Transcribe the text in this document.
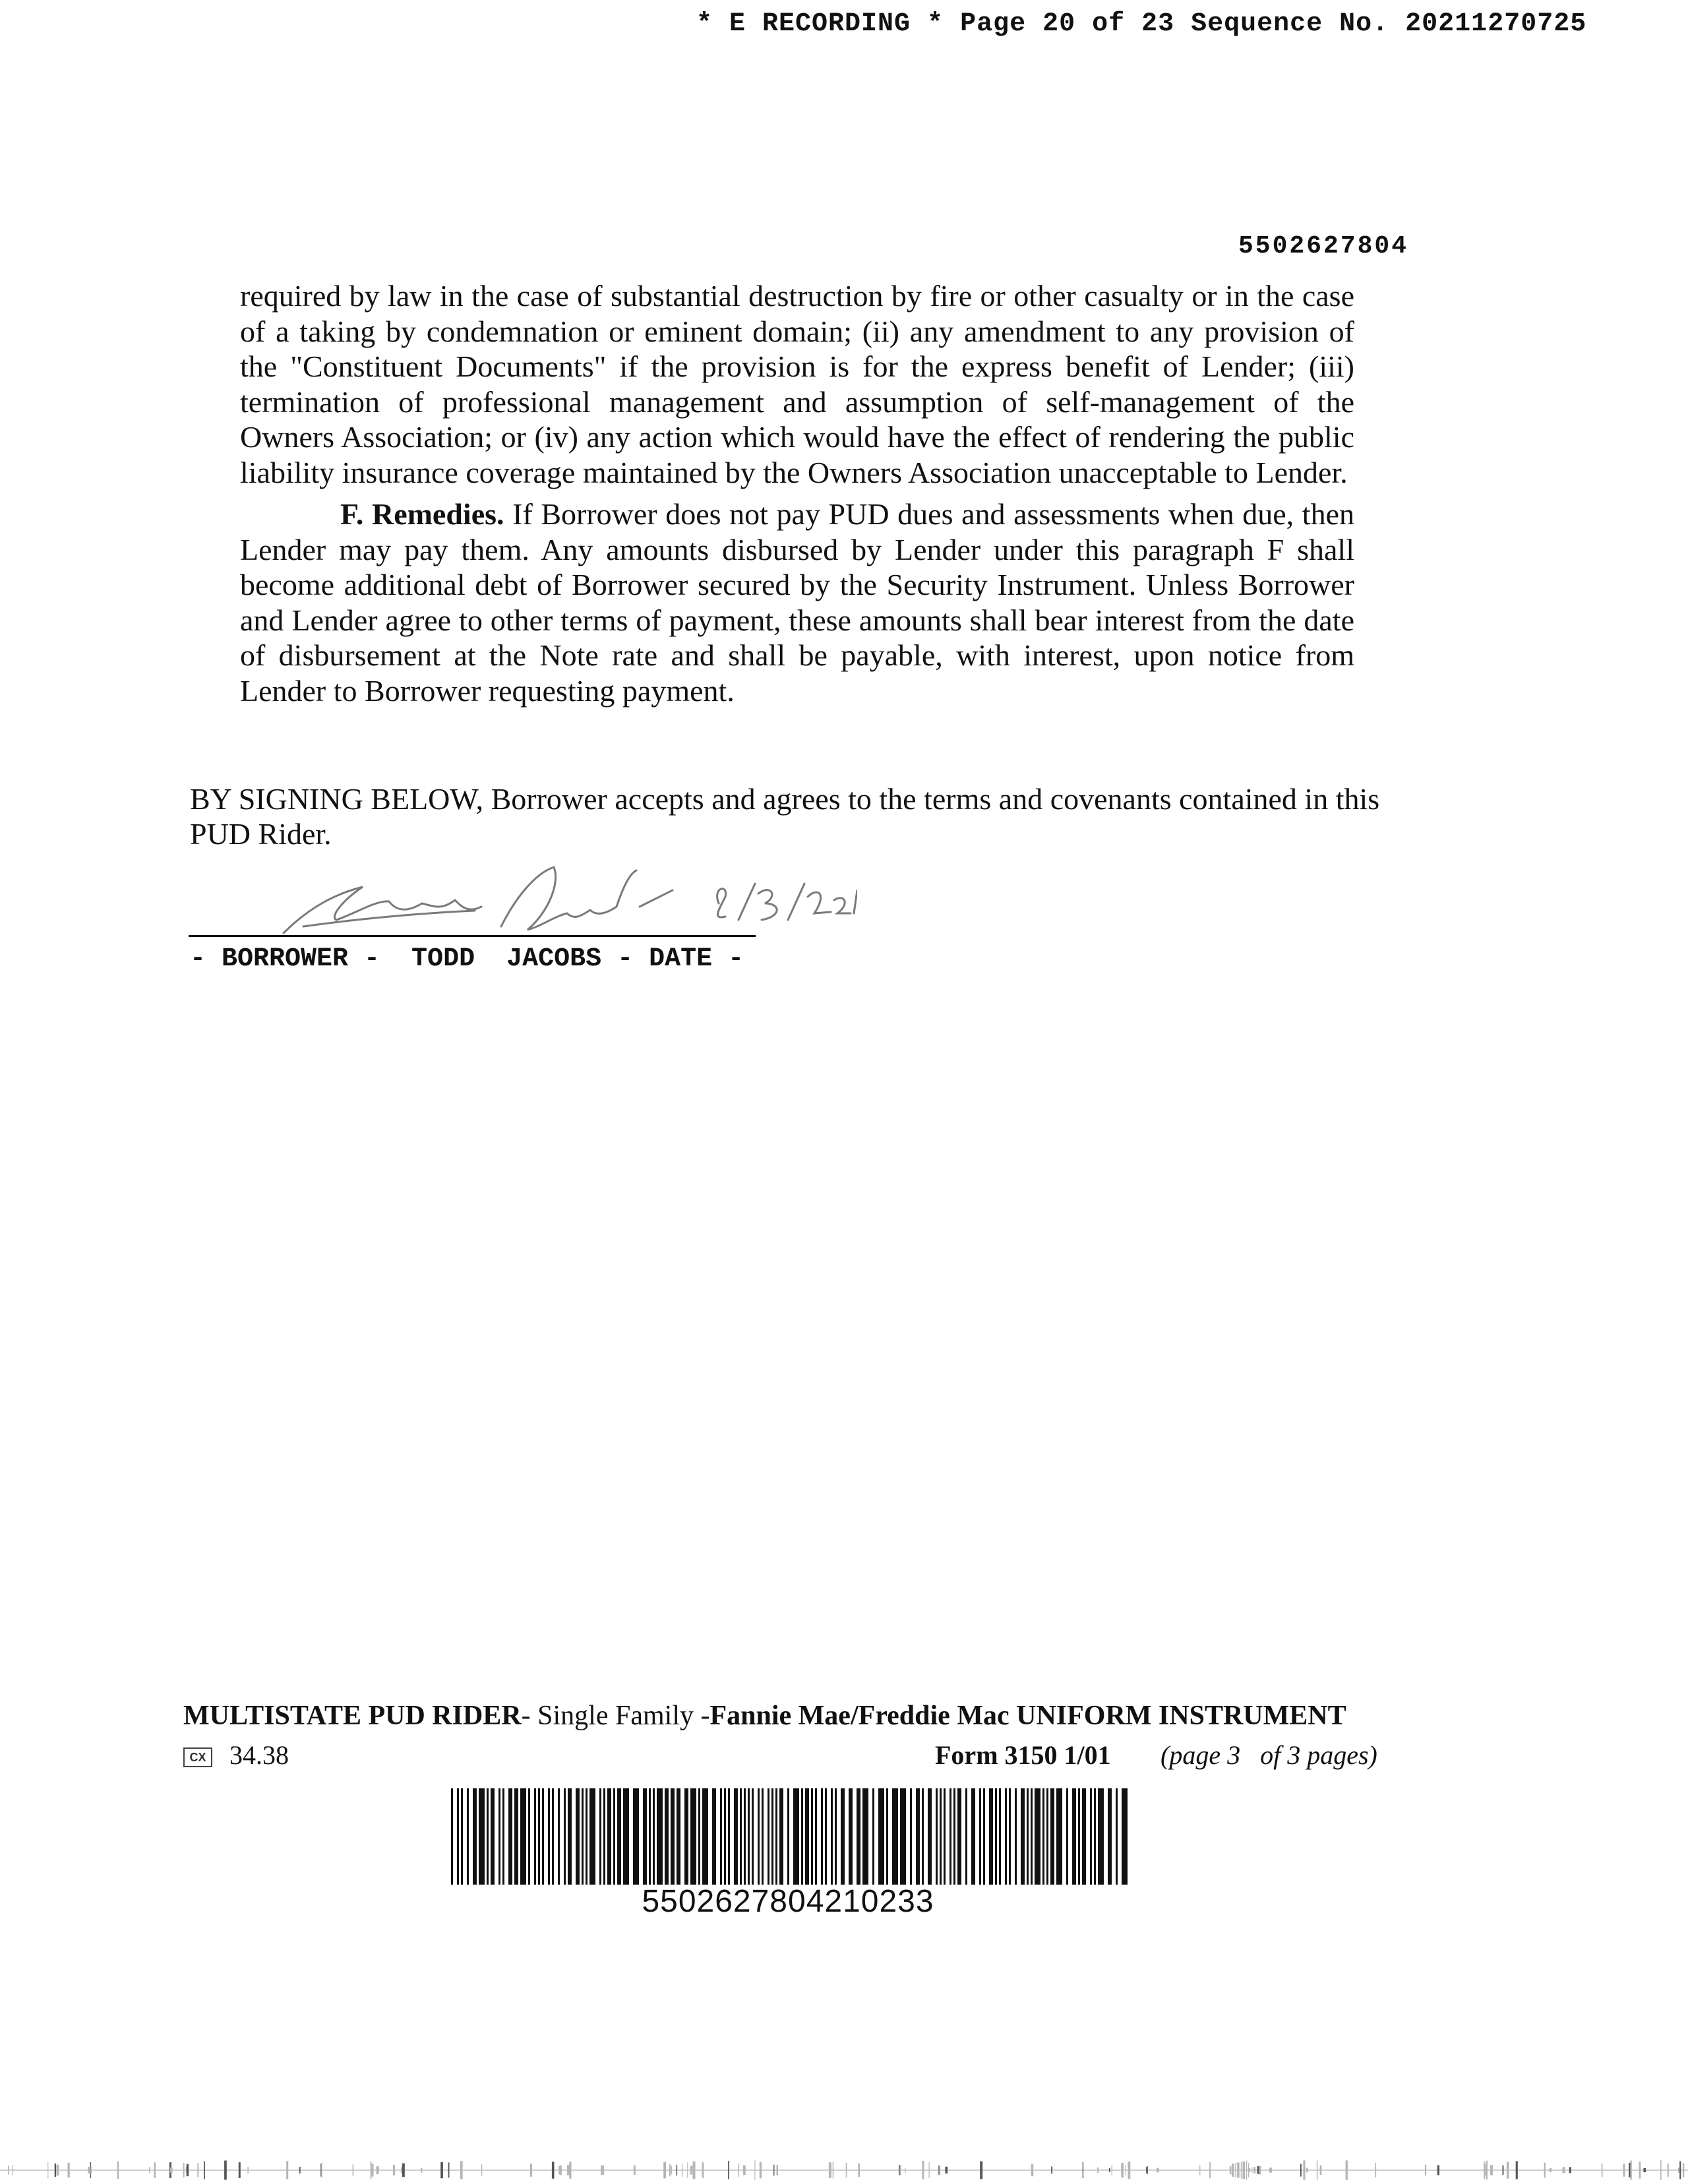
* E RECORDING * Page 20 of 23 Sequence No. 20211270725
5502627804
required by law in the case of substantial destruction by fire or other casualty or in the case of a taking by condemnation or eminent domain; (ii) any amendment to any provision of the "Constituent Documents" if the provision is for the express benefit of Lender; (iii) termination of professional management and assumption of self-management of the Owners Association; or (iv) any action which would have the effect of rendering the public liability insurance coverage maintained by the Owners Association unacceptable to Lender.
F. Remedies. If Borrower does not pay PUD dues and assessments when due, then Lender may pay them. Any amounts disbursed by Lender under this paragraph F shall become additional debt of Borrower secured by the Security Instrument. Unless Borrower and Lender agree to other terms of payment, these amounts shall bear interest from the date of disbursement at the Note rate and shall be payable, with interest, upon notice from Lender to Borrower requesting payment.
BY SIGNING BELOW, Borrower accepts and agrees to the terms and covenants contained in this PUD Rider.
- BORROWER -  TODD  JACOBS - DATE -
MULTISTATE PUD RIDER- Single Family -Fannie Mae/Freddie Mac UNIFORM INSTRUMENT
CX 34.38	Form 3150 1/01 (page 3   of 3 pages)
5502627804210233
